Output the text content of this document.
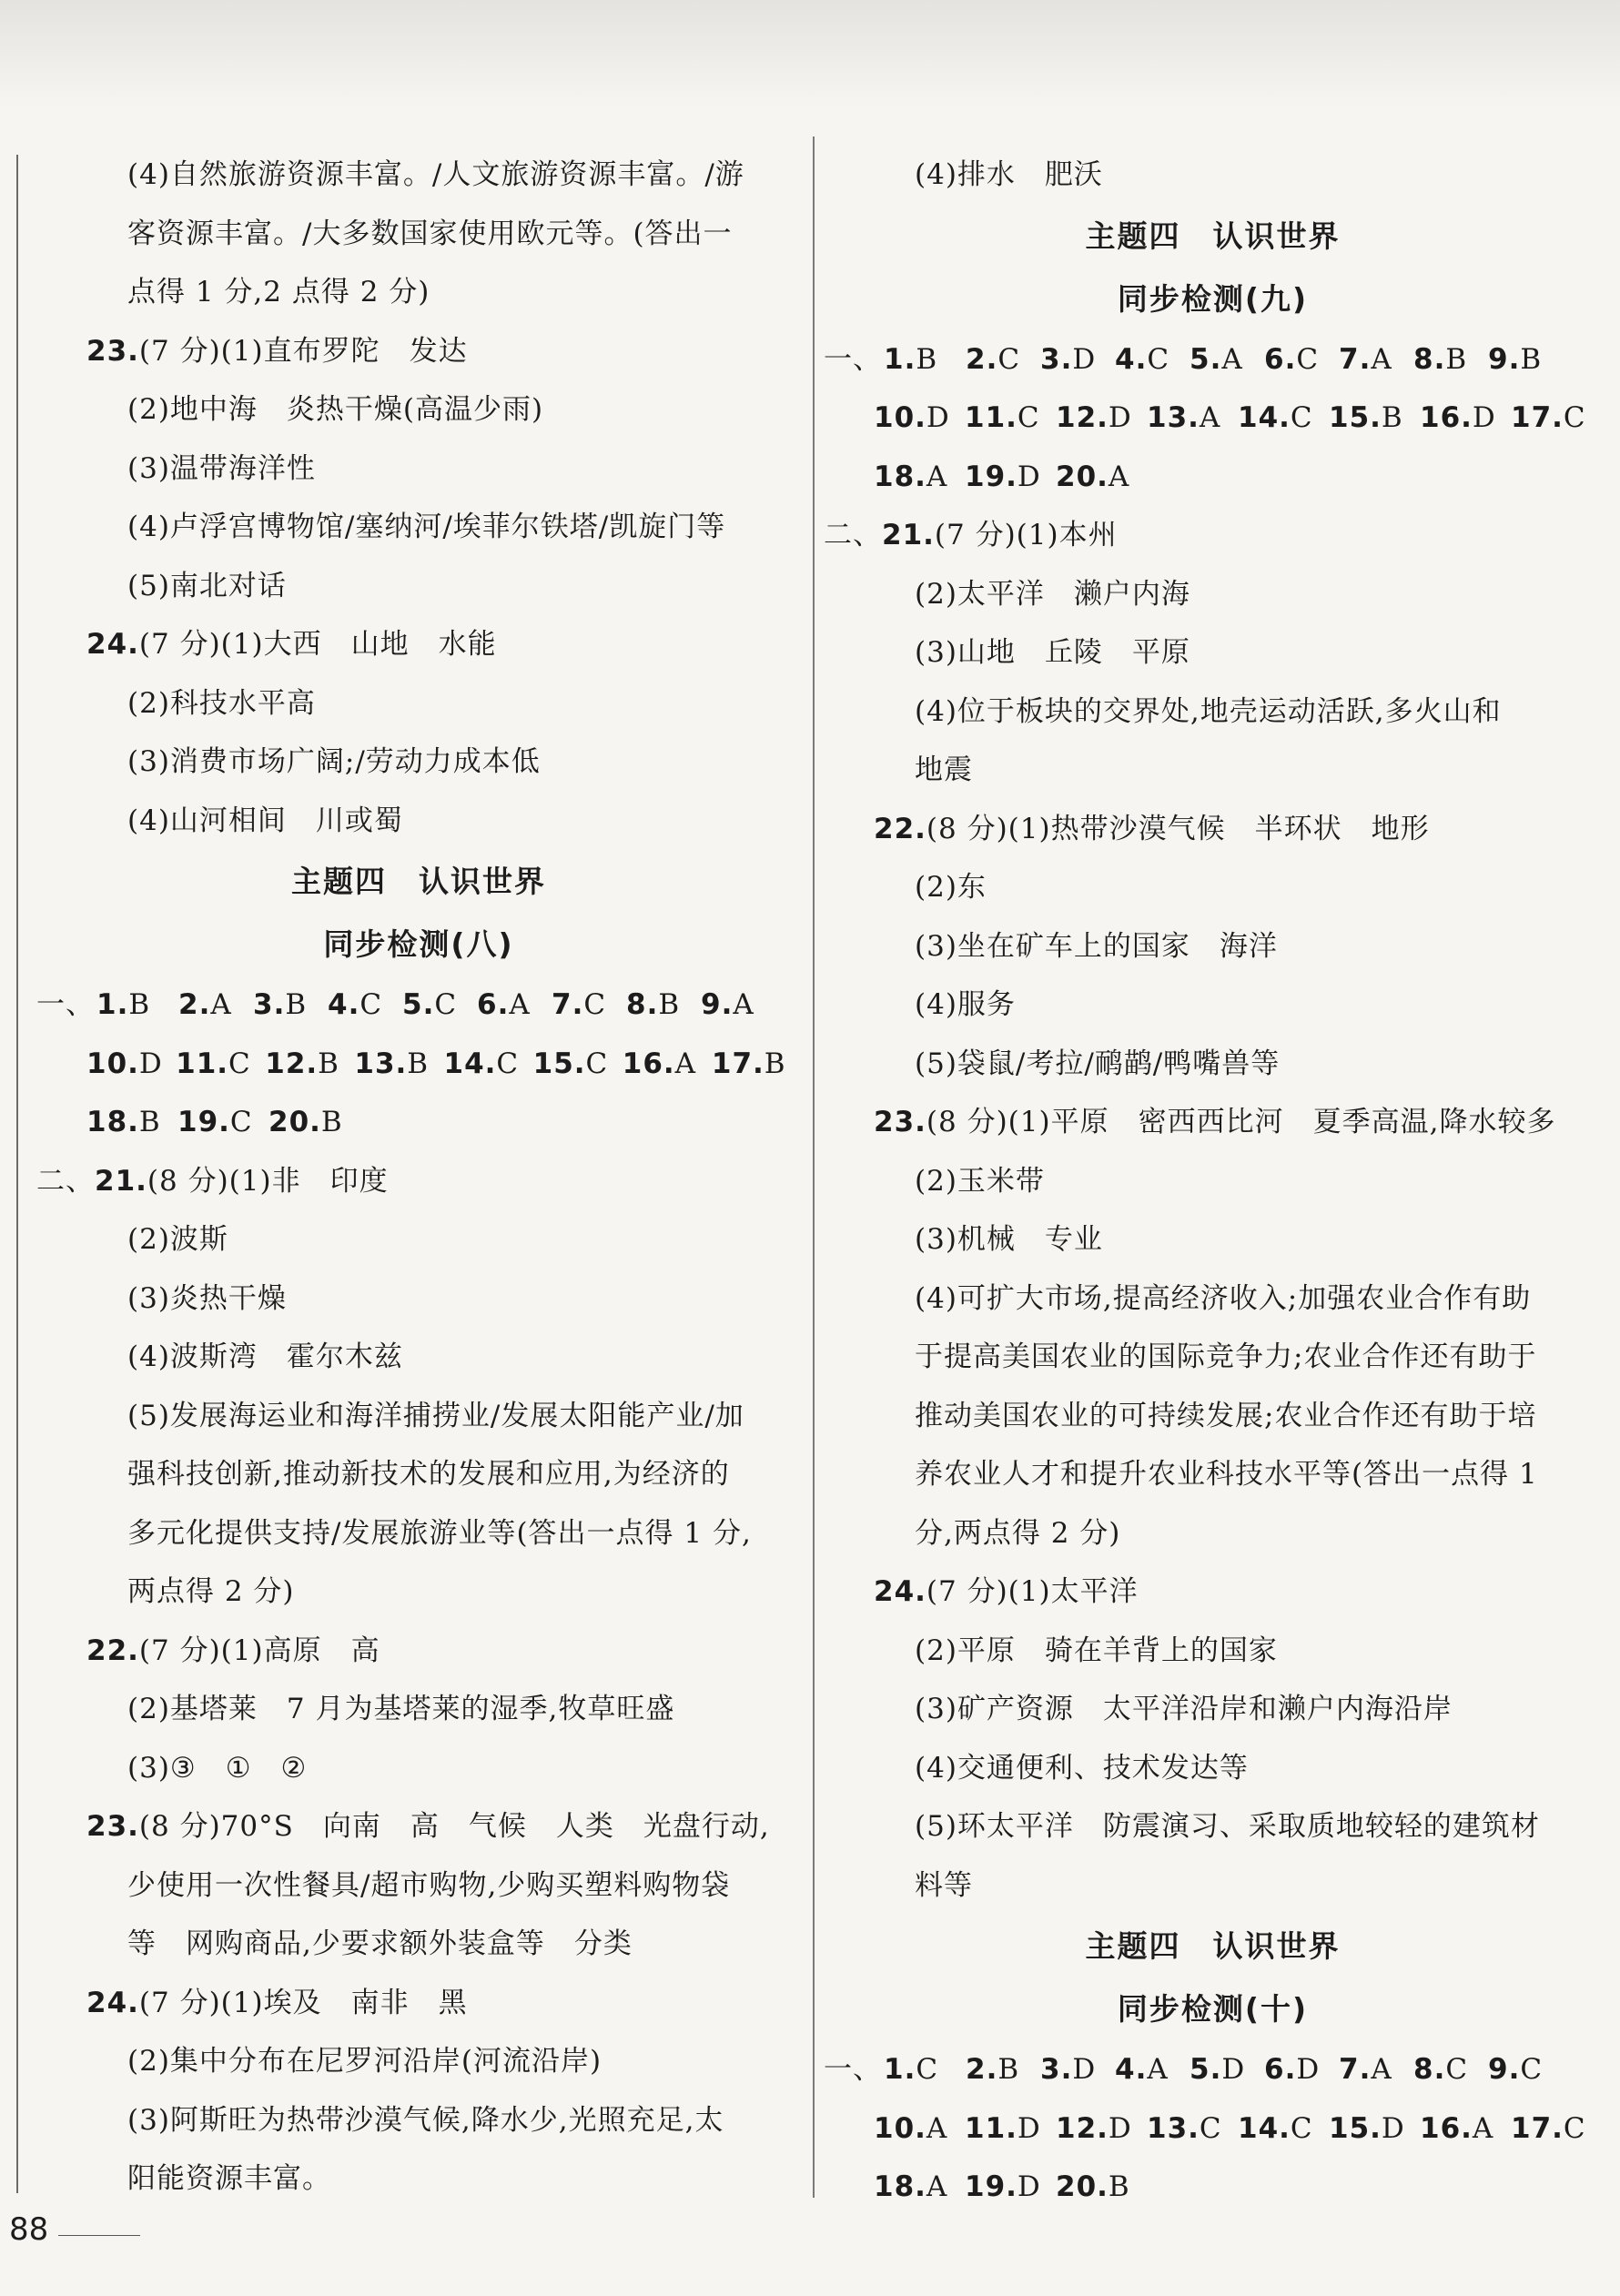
(4)自然旅游资源丰富。/人文旅游资源丰富。/游
客资源丰富。/大多数国家使用欧元等。(答出一
点得 1 分,2 点得 2 分)
23.(7 分)(1)直布罗陀　发达
(2)地中海　炎热干燥(高温少雨)
(3)温带海洋性
(4)卢浮宫博物馆/塞纳河/埃菲尔铁塔/凯旋门等
(5)南北对话
24.(7 分)(1)大西　山地　水能
(2)科技水平高
(3)消费市场广阔;/劳动力成本低
(4)山河相间　川或蜀
主题四　认识世界
同步检测(八)
一、 1.B 2.A 3.B 4.C 5.C 6.A 7.C 8.B 9.A
10.D 11.C 12.B 13.B 14.C 15.C 16.A 17.B
18.B 19.C 20.B
二、21.(8 分)(1)非　印度
(2)波斯
(3)炎热干燥
(4)波斯湾　霍尔木兹
(5)发展海运业和海洋捕捞业/发展太阳能产业/加
强科技创新,推动新技术的发展和应用,为经济的
多元化提供支持/发展旅游业等(答出一点得 1 分,
两点得 2 分)
22.(7 分)(1)高原　高
(2)基塔莱　7 月为基塔莱的湿季,牧草旺盛
(3)③　①　②
23.(8 分)70°S　向南　高　气候　人类　光盘行动,
少使用一次性餐具/超市购物,少购买塑料购物袋
等　网购商品,少要求额外装盒等　分类
24.(7 分)(1)埃及　南非　黑
(2)集中分布在尼罗河沿岸(河流沿岸)
(3)阿斯旺为热带沙漠气候,降水少,光照充足,太
阳能资源丰富。
(4)排水　肥沃
主题四　认识世界
同步检测(九)
一、 1.B 2.C 3.D 4.C 5.A 6.C 7.A 8.B 9.B
10.D 11.C 12.D 13.A 14.C 15.B 16.D 17.C
18.A 19.D 20.A
二、21.(7 分)(1)本州
(2)太平洋　濑户内海
(3)山地　丘陵　平原
(4)位于板块的交界处,地壳运动活跃,多火山和
地震
22.(8 分)(1)热带沙漠气候　半环状　地形
(2)东
(3)坐在矿车上的国家　海洋
(4)服务
(5)袋鼠/考拉/鸸鹋/鸭嘴兽等
23.(8 分)(1)平原　密西西比河　夏季高温,降水较多
(2)玉米带
(3)机械　专业
(4)可扩大市场,提高经济收入;加强农业合作有助
于提高美国农业的国际竞争力;农业合作还有助于
推动美国农业的可持续发展;农业合作还有助于培
养农业人才和提升农业科技水平等(答出一点得 1
分,两点得 2 分)
24.(7 分)(1)太平洋
(2)平原　骑在羊背上的国家
(3)矿产资源　太平洋沿岸和濑户内海沿岸
(4)交通便利、技术发达等
(5)环太平洋　防震演习、采取质地较轻的建筑材
料等
主题四　认识世界
同步检测(十)
一、 1.C 2.B 3.D 4.A 5.D 6.D 7.A 8.C 9.C
10.A 11.D 12.D 13.C 14.C 15.D 16.A 17.C
18.A 19.D 20.B
88
